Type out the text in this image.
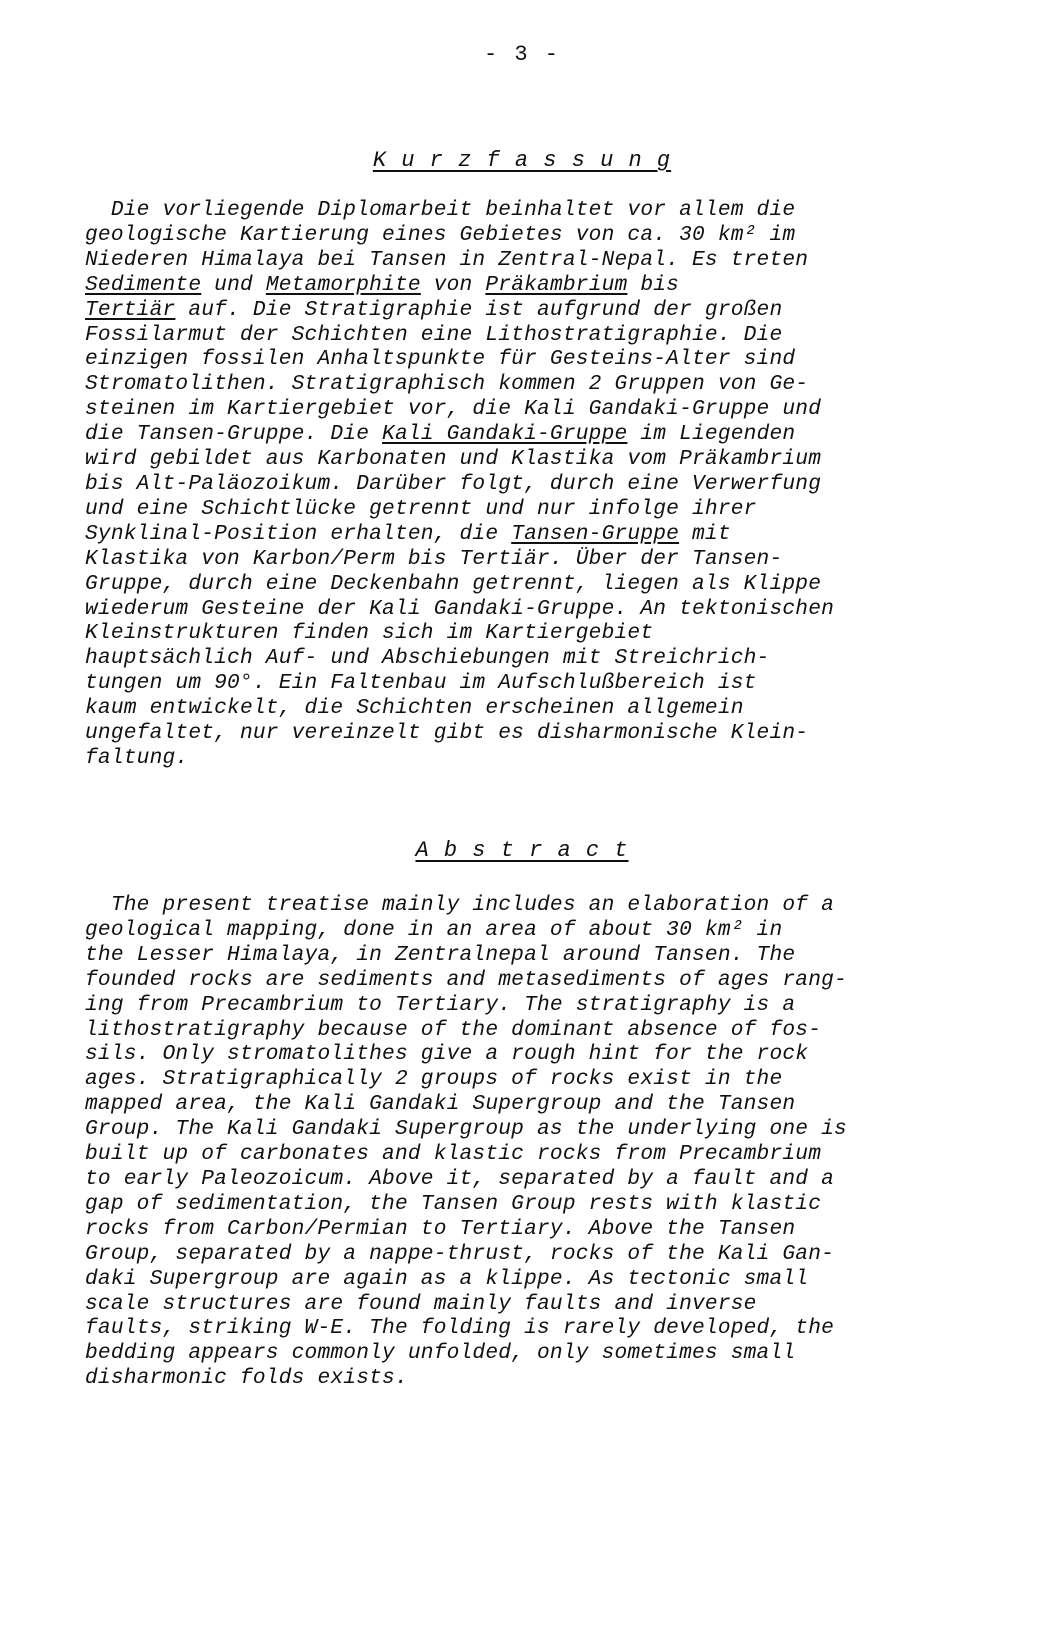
- 3 -
K u r z f a s s u n g
Die vorliegende Diplomarbeit beinhaltet vor allem die
geologische Kartierung eines Gebietes von ca. 30 km² im
Niederen Himalaya bei Tansen in Zentral-Nepal. Es treten
Sedimente und Metamorphite von Präkambrium bis
Tertiär auf. Die Stratigraphie ist aufgrund der großen
Fossilarmut der Schichten eine Lithostratigraphie. Die
einzigen fossilen Anhaltspunkte für Gesteins-Alter sind
Stromatolithen. Stratigraphisch kommen 2 Gruppen von Ge-
steinen im Kartiergebiet vor, die Kali Gandaki-Gruppe und
die Tansen-Gruppe. Die Kali Gandaki-Gruppe im Liegenden
wird gebildet aus Karbonaten und Klastika vom Präkambrium
bis Alt-Paläozoikum. Darüber folgt, durch eine Verwerfung
und eine Schichtlücke getrennt und nur infolge ihrer
Synklinal-Position erhalten, die Tansen-Gruppe mit
Klastika von Karbon/Perm bis Tertiär. Über der Tansen-
Gruppe, durch eine Deckenbahn getrennt, liegen als Klippe
wiederum Gesteine der Kali Gandaki-Gruppe. An tektonischen
Kleinstrukturen finden sich im Kartiergebiet
hauptsächlich Auf- und Abschiebungen mit Streichrich-
tungen um 90°. Ein Faltenbau im Aufschlußbereich ist
kaum entwickelt, die Schichten erscheinen allgemein
ungefaltet, nur vereinzelt gibt es disharmonische Klein-
faltung.
A b s t r a c t
The present treatise mainly includes an elaboration of a
geological mapping, done in an area of about 30 km² in
the Lesser Himalaya, in Zentralnepal around Tansen. The
founded rocks are sediments and metasediments of ages rang-
ing from Precambrium to Tertiary. The stratigraphy is a
lithostratigraphy because of the dominant absence of fos-
sils. Only stromatolithes give a rough hint for the rock
ages. Stratigraphically 2 groups of rocks exist in the
mapped area, the Kali Gandaki Supergroup and the Tansen
Group. The Kali Gandaki Supergroup as the underlying one is
built up of carbonates and klastic rocks from Precambrium
to early Paleozoicum. Above it, separated by a fault and a
gap of sedimentation, the Tansen Group rests with klastic
rocks from Carbon/Permian to Tertiary. Above the Tansen
Group, separated by a nappe-thrust, rocks of the Kali Gan-
daki Supergroup are again as a klippe. As tectonic small
scale structures are found mainly faults and inverse
faults, striking W-E. The folding is rarely developed, the
bedding appears commonly unfolded, only sometimes small
disharmonic folds exists.
